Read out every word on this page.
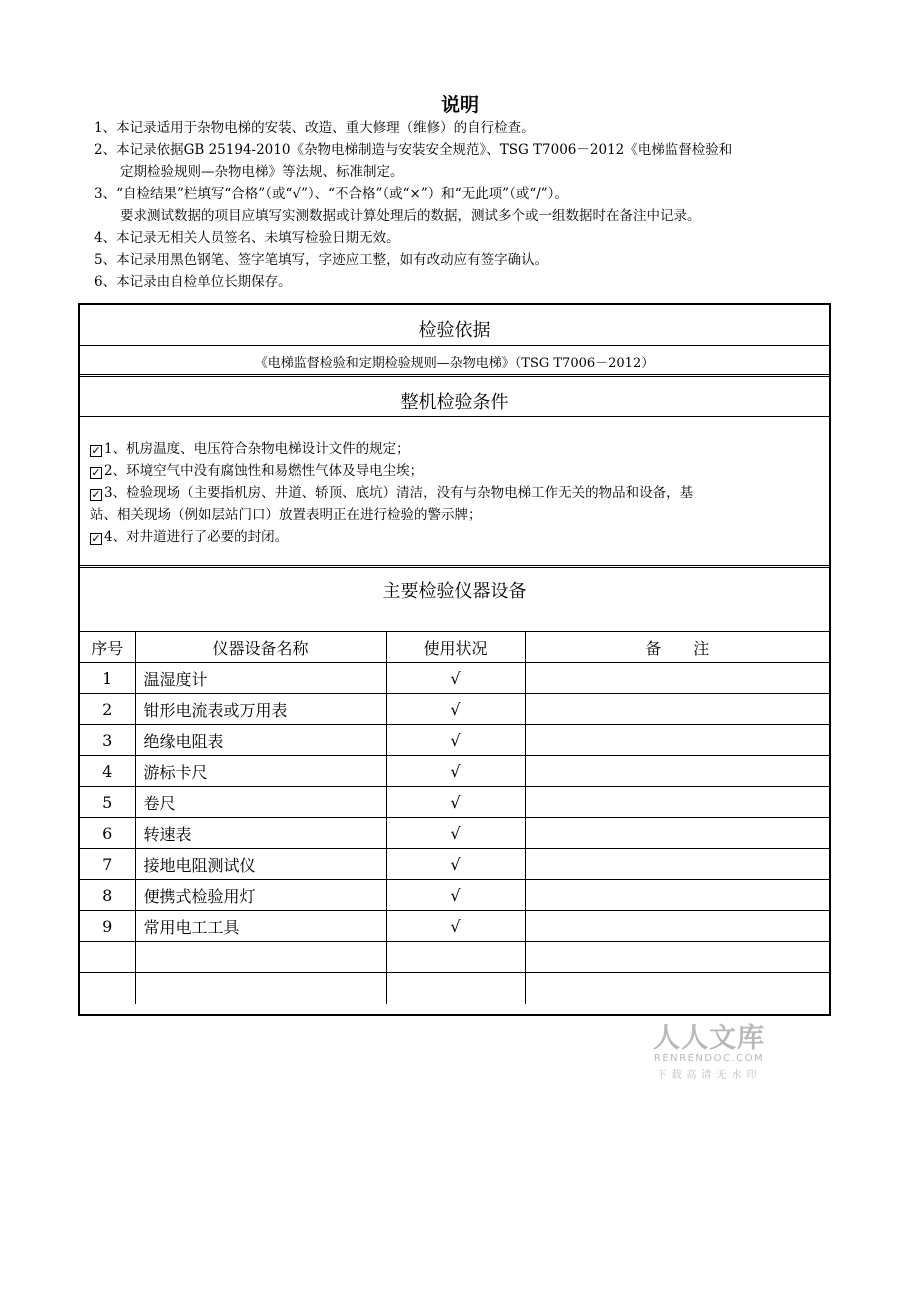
说明
1、本记录适用于杂物电梯的安装、改造、重大修理（维修）的自行检查。
2、本记录依据GB 25194-2010《杂物电梯制造与安装安全规范》、TSG T7006－2012《电梯监督检验和
定期检验规则—杂物电梯》等法规、标准制定。
3、“自检结果”栏填写“合格”（或“√”）、“不合格”（或“×”）和“无此项”（或“/”）。
要求测试数据的项目应填写实测数据或计算处理后的数据，测试多个或一组数据时在备注中记录。
4、本记录无相关人员签名、未填写检验日期无效。
5、本记录用黑色钢笔、签字笔填写，字迹应工整，如有改动应有签字确认。
6、本记录由自检单位长期保存。
检验依据
《电梯监督检验和定期检验规则—杂物电梯》（TSG T7006－2012）
整机检验条件
✓ 1、机房温度、电压符合杂物电梯设计文件的规定；
✓ 2、环境空气中没有腐蚀性和易燃性气体及导电尘埃；
✓ 3、检验现场（主要指机房、井道、轿顶、底坑）清洁，没有与杂物电梯工作无关的物品和设备，基
站、相关现场（例如层站门口）放置表明正在进行检验的警示牌；
✓ 4、对井道进行了必要的封闭。
主要检验仪器设备
序号	仪器设备名称	使用状况	备　　注
1	温湿度计	√	
2	钳形电流表或万用表	√	
3	绝缘电阻表	√	
4	游标卡尺	√	
5	卷尺	√	
6	转速表	√	
7	接地电阻测试仪	√	
8	便携式检验用灯	√	
9	常用电工工具	√	

人人文库
RENRENDOC.COM
下载高清无水印
